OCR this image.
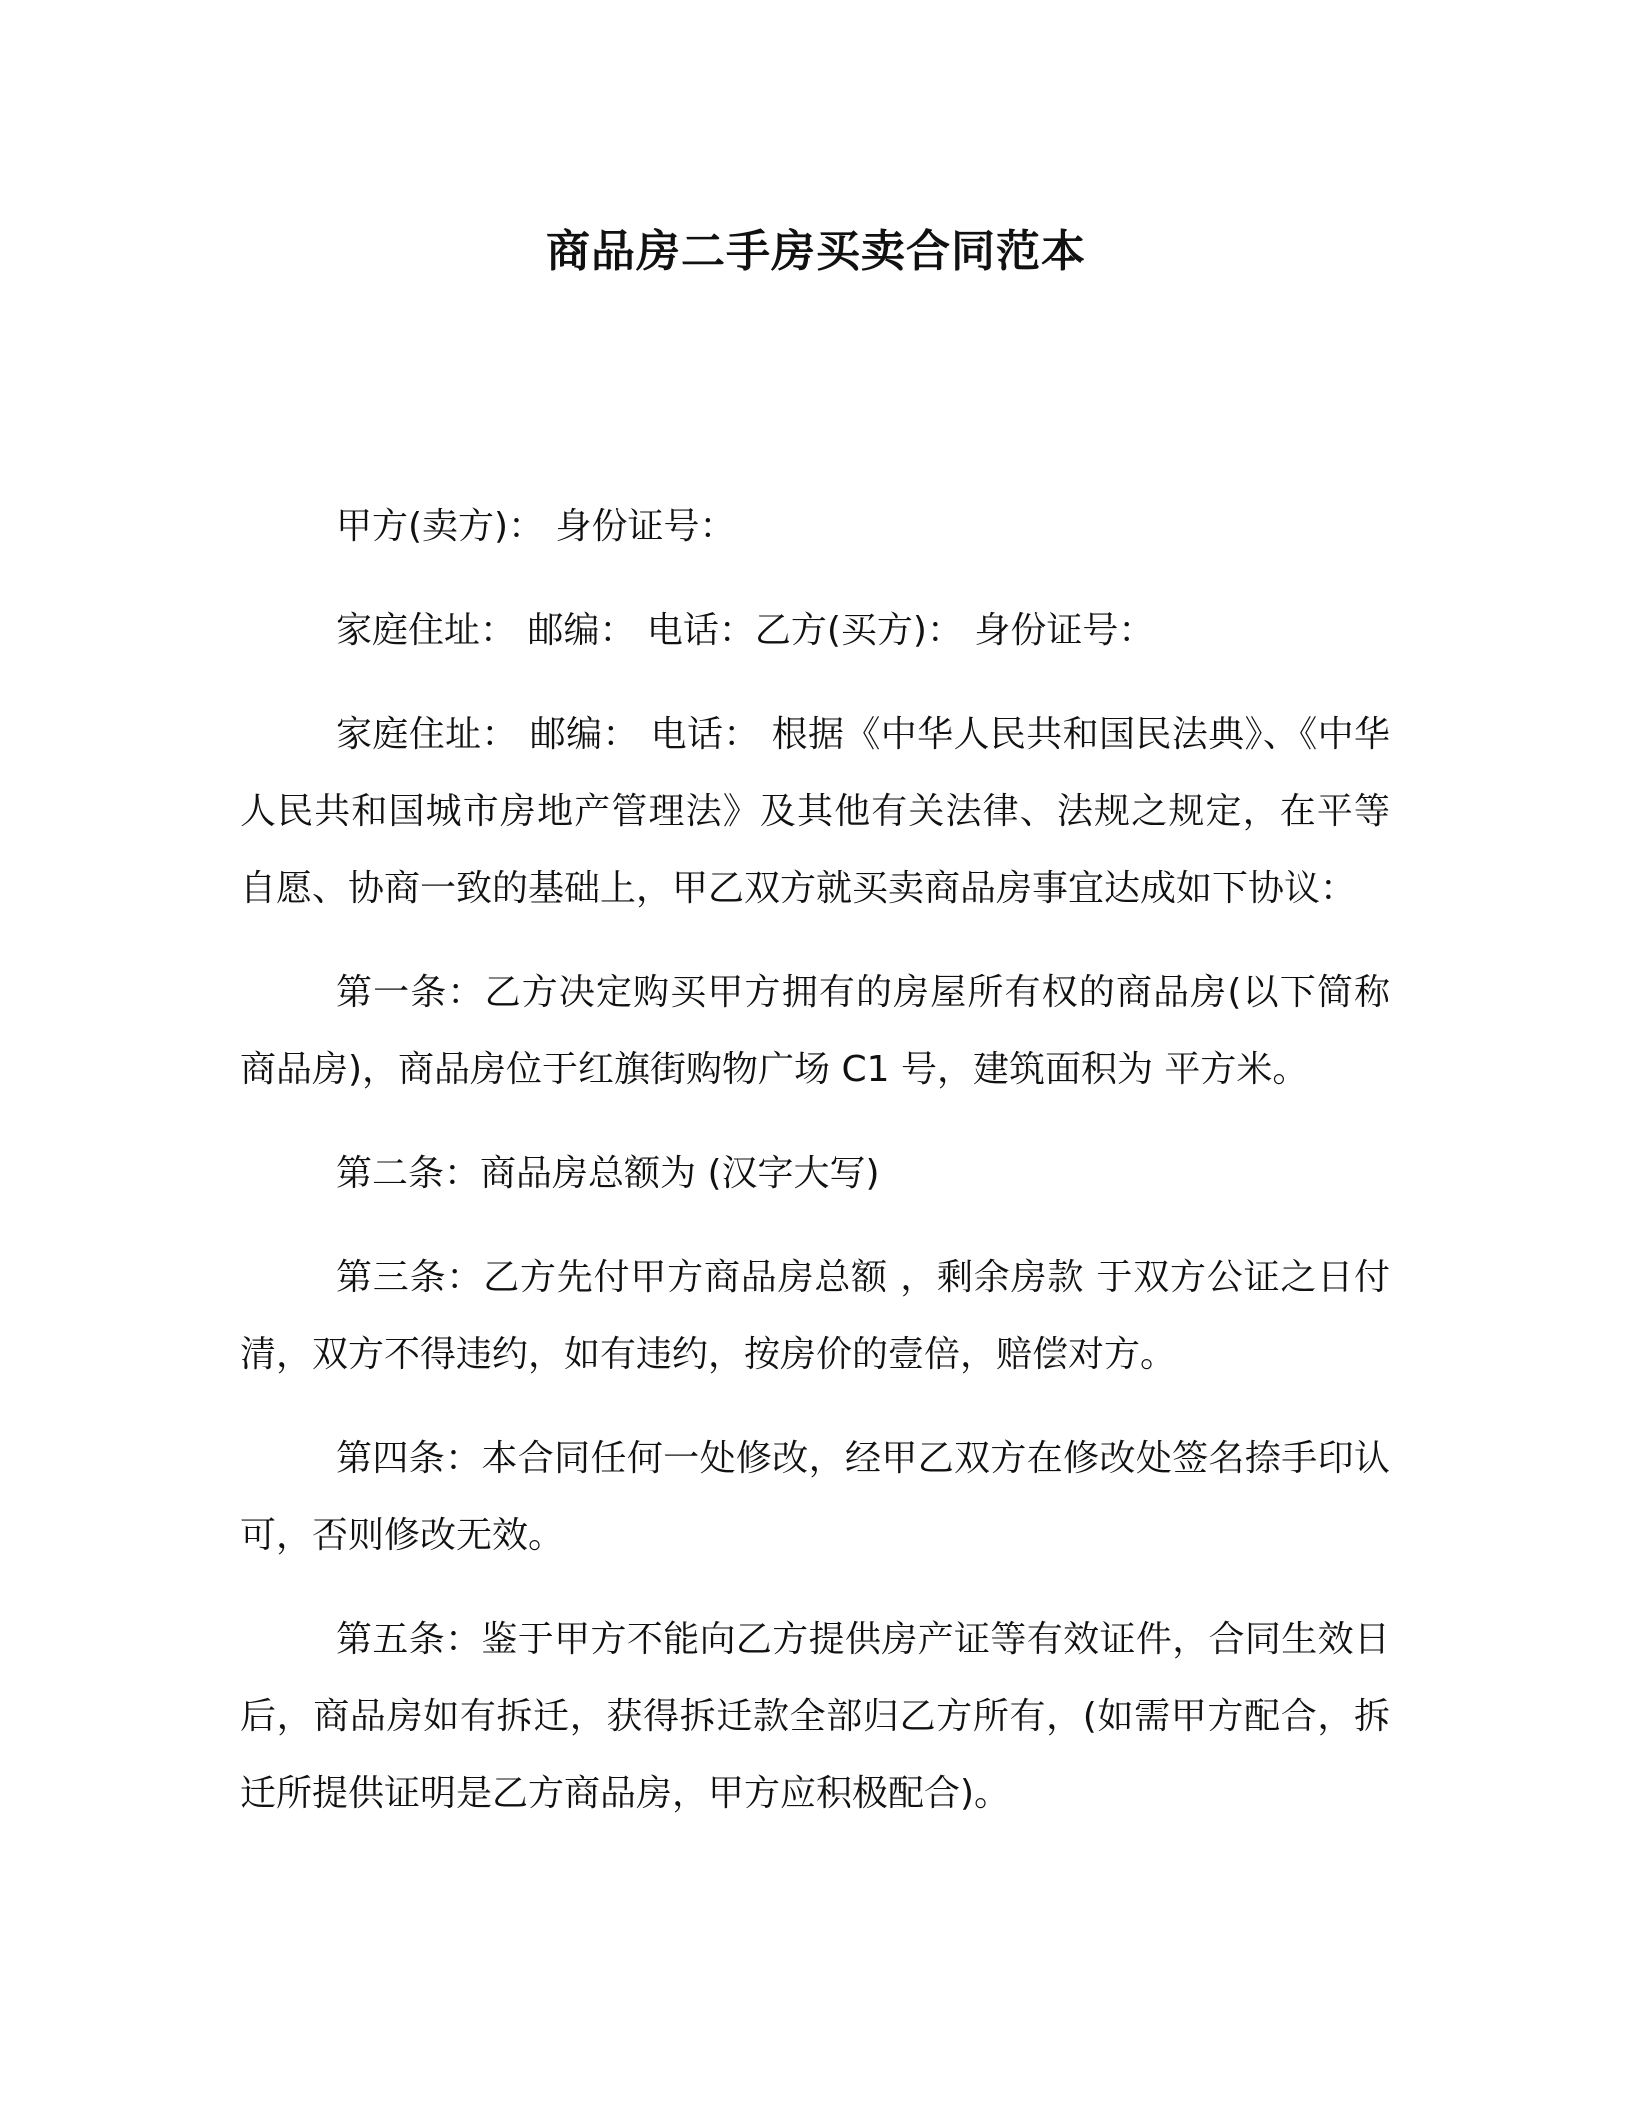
商品房二手房买卖合同范本

甲方(卖方)： 身份证号：

家庭住址： 邮编： 电话：乙方(买方)： 身份证号：

家庭住址： 邮编： 电话： 根据《中华人民共和国民法典》、《中华人民共和国城市房地产管理法》及其他有关法律、法规之规定，在平等自愿、协商一致的基础上，甲乙双方就买卖商品房事宜达成如下协议：

第一条：乙方决定购买甲方拥有的房屋所有权的商品房(以下简称商品房)，商品房位于红旗街购物广场 C1 号，建筑面积为 平方米。

第二条：商品房总额为 (汉字大写)

第三条：乙方先付甲方商品房总额 ，剩余房款 于双方公证之日付清，双方不得违约，如有违约，按房价的壹倍，赔偿对方。

第四条：本合同任何一处修改，经甲乙双方在修改处签名捺手印认可，否则修改无效。

第五条：鉴于甲方不能向乙方提供房产证等有效证件，合同生效日后，商品房如有拆迁，获得拆迁款全部归乙方所有，(如需甲方配合，拆迁所提供证明是乙方商品房，甲方应积极配合)。
